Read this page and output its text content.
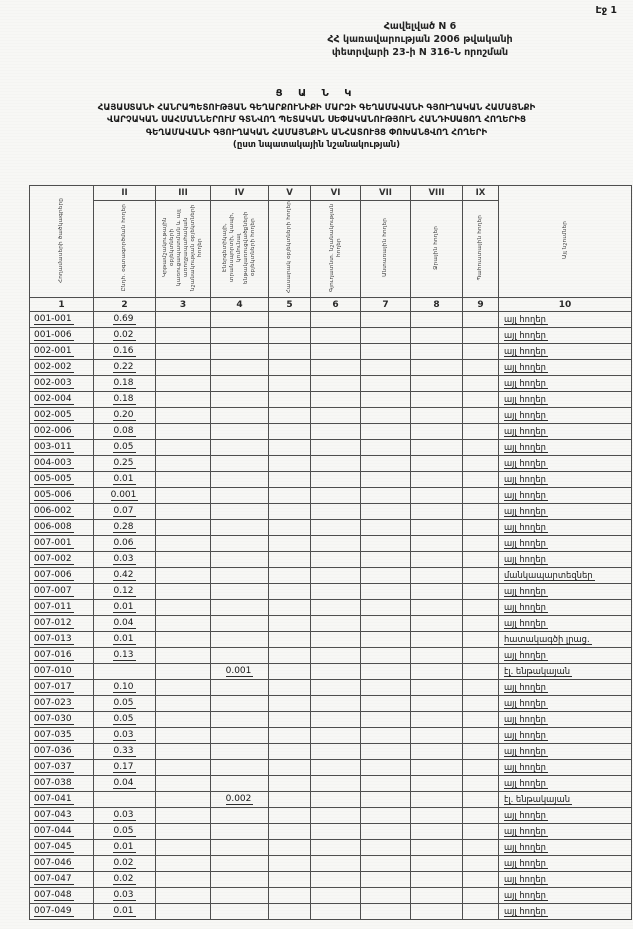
Էջ 1
Հավելված N 6
ՀՀ կառավարության 2006 թվականի
փետրվարի 23-ի N 316-Ն որոշման
Ց Ա Ն Կ
ՀԱՅԱՍՏԱՆԻ ՀԱՆՐԱՊԵՏՈՒԹՅԱՆ ԳԵՂԱՐՔՈՒՆԻՔԻ ՄԱՐԶԻ ԳԵՂԱՄԱՎԱՆԻ ԳՅՈՒՂԱԿԱՆ ՀԱՄԱՅՆՔԻ
ՎԱՐՉԱԿԱՆ ՍԱՀՄԱՆՆԵՐՈՒՄ ԳՏՆՎՈՂ ՊԵՏԱԿԱՆ ՍԵՓԱԿԱՆՈՒԹՅՈՒՆ ՀԱՆԴԻՍԱՑՈՂ ՀՈՂԵՐԻՑ
ԳԵՂԱՄԱՎԱՆԻ ԳՅՈՒՂԱԿԱՆ ՀԱՄԱՅՆՔԻՆ ԱՆՀԱՏՈՒՅՑ ՓՈԽԱՆՑՎՈՂ ՀՈՂԵՐԻ
(ըստ նպատակային նշանակության)
Հողամասերի ծածկագրերը	II	III	IV	V	VI	VII	VIII	IX	Այլ նշումներ
	Ընդհ. օգտագործման հողեր	Կրթամշակութային օբյեկտների կառուցապատման և այլ առողջապահական նշանակության օբյեկտների հողեր	Էներգետիկայի, տրանսպորտի, կապի, կոմունալ ենթակառուցվածքների օբյեկտների հողեր	Հասարակ օբյեկտների հողեր	Գյուղատնտ. նշանակության հողեր	Անտառային հողեր	Ջրային հողեր	Պահուստային հողեր	
1	2	3	4	5	6	7	8	9	10
001-001	0.69								այլ հողեր
001-006	0.02								այլ հողեր
002-001	0.16								այլ հողեր
002-002	0.22								այլ հողեր
002-003	0.18								այլ հողեր
002-004	0.18								այլ հողեր
002-005	0.20								այլ հողեր
002-006	0.08								այլ հողեր
003-011	0.05								այլ հողեր
004-003	0.25								այլ հողեր
005-005	0.01								այլ հողեր
005-006	0.001								այլ հողեր
006-002	0.07								այլ հողեր
006-008	0.28								այլ հողեր
007-001	0.06								այլ հողեր
007-002	0.03								այլ հողեր
007-006	0.42								մանկապարտեզներ
007-007	0.12								այլ հողեր
007-011	0.01								այլ հողեր
007-012	0.04								այլ հողեր
007-013	0.01								հատակագծի լրաց.
007-016	0.13								այլ հողեր
007-010			0.001						էլ. ենթակայան
007-017	0.10								այլ հողեր
007-023	0.05								այլ հողեր
007-030	0.05								այլ հողեր
007-035	0.03								այլ հողեր
007-036	0.33								այլ հողեր
007-037	0.17								այլ հողեր
007-038	0.04								այլ հողեր
007-041			0.002						էլ. ենթակայան
007-043	0.03								այլ հողեր
007-044	0.05								այլ հողեր
007-045	0.01								այլ հողեր
007-046	0.02								այլ հողեր
007-047	0.02								այլ հողեր
007-048	0.03								այլ հողեր
007-049	0.01								այլ հողեր
